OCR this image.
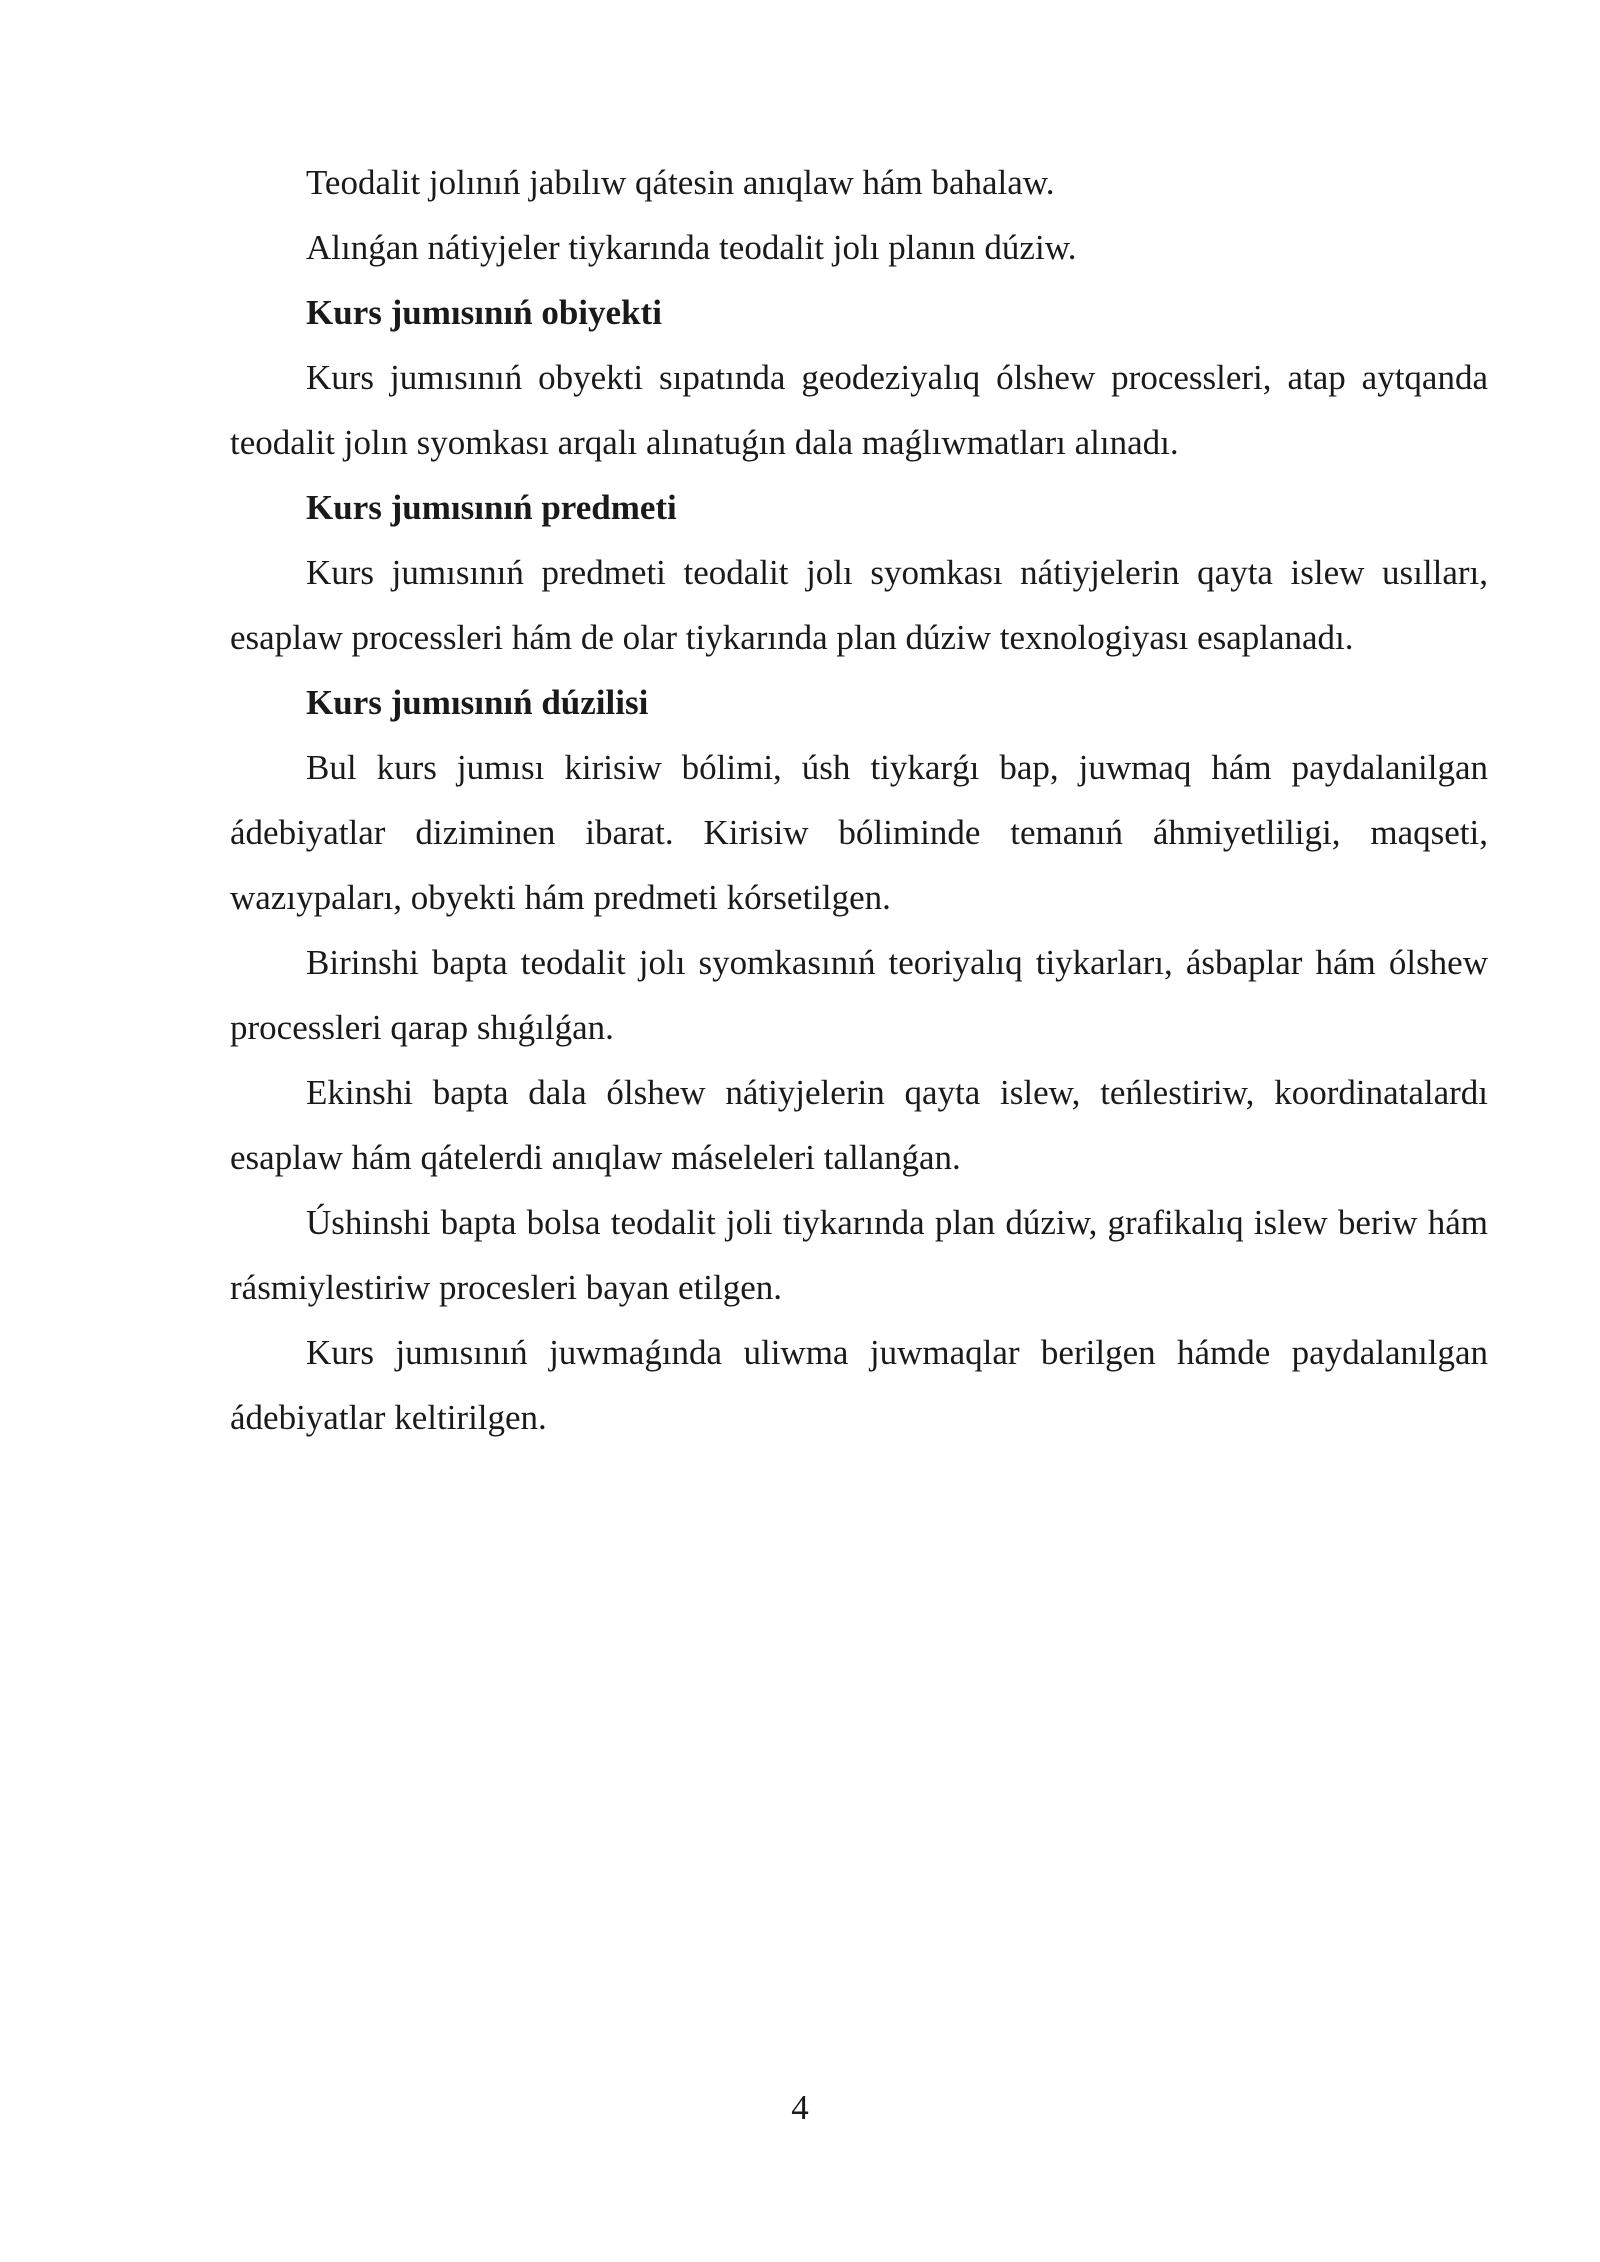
Teodalit jolınıń jabılıw qátesin anıqlaw hám bahalaw.

Alınǵan nátiyjeler tiykarında teodalit jolı planın dúziw.

Kurs jumısınıń obiyekti

Kurs jumısınıń obyekti sıpatında geodeziyalıq ólshew processleri, atap aytqanda teodalit jolın syomkası arqalı alınatuǵın dala maǵlıwmatları alınadı.

Kurs jumısınıń predmeti

Kurs jumısınıń predmeti teodalit jolı syomkası nátiyjelerin qayta islew usılları, esaplaw processleri hám de olar tiykarında plan dúziw texnologiyası esaplanadı.

Kurs jumısınıń dúzilisi

Bul kurs jumısı kirisiw bólimi, úsh tiykarǵı bap, juwmaq hám paydalanilgan ádebiyatlar diziminen ibarat. Kirisiw bóliminde temanıń áhmiyetliligi, maqseti, wazıypaları, obyekti hám predmeti kórsetilgen.

Birinshi bapta teodalit jolı syomkasınıń teoriyalıq tiykarları, ásbaplar hám ólshew processleri qarap shıǵılǵan.

Ekinshi bapta dala ólshew nátiyjelerin qayta islew, teńlestiriw, koordinatalardı esaplaw hám qátelerdi anıqlaw máseleleri tallanǵan.

Úshinshi bapta bolsa teodalit joli tiykarında plan dúziw, grafikalıq islew beriw hám rásmiylestiriw procesleri bayan etilgen.

Kurs jumısınıń juwmaǵında uliwma juwmaqlar berilgen hámde paydalanılgan ádebiyatlar keltirilgen.

4
